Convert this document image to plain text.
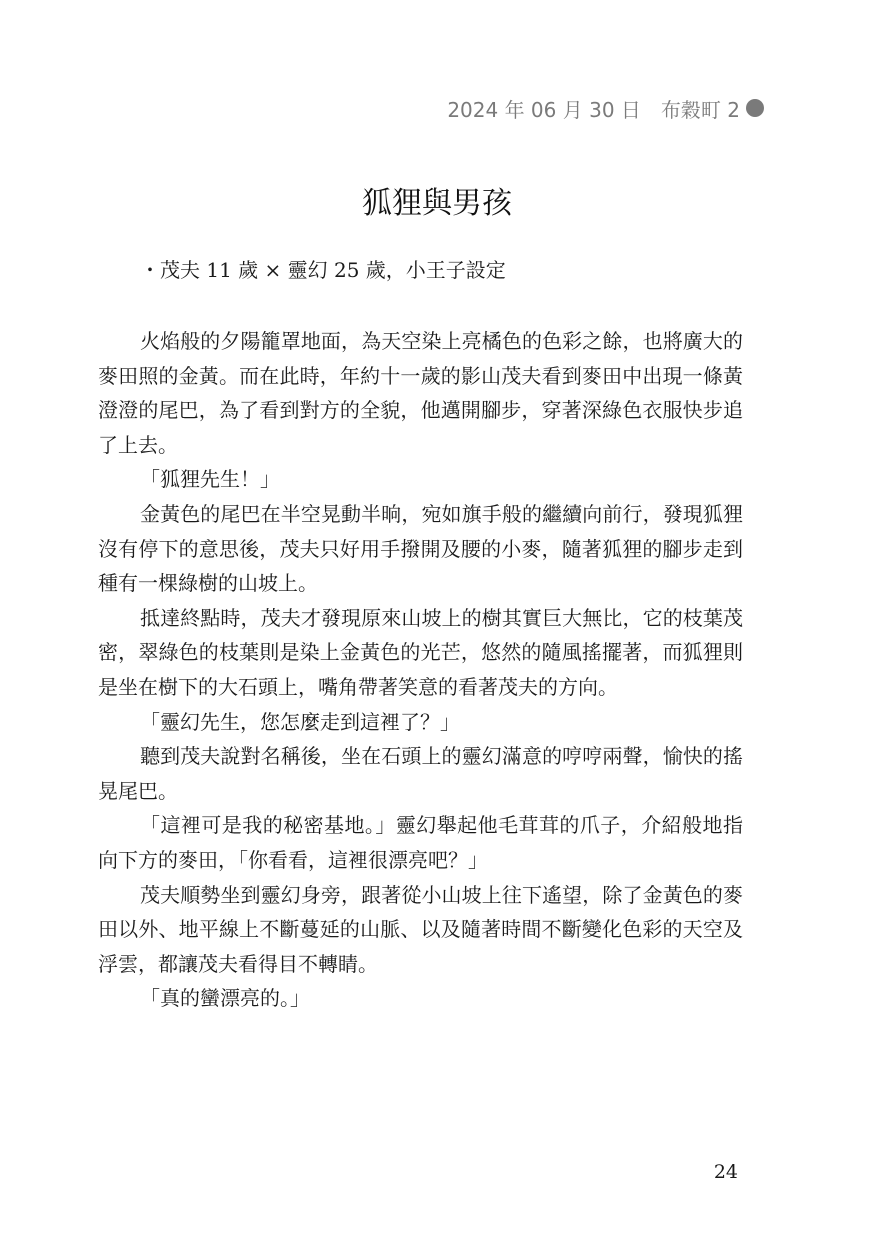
2024 年 06 月 30 日 布穀町 2
狐狸與男孩
・茂夫 11 歲 × 靈幻 25 歲，小王子設定

火焰般的夕陽籠罩地面，為天空染上亮橘色的色彩之餘，也將廣大的麥田照的金黃。而在此時，年約十一歲的影山茂夫看到麥田中出現一條黃澄澄的尾巴，為了看到對方的全貌，他邁開腳步，穿著深綠色衣服快步追了上去。

「狐狸先生！」

金黃色的尾巴在半空晃動半晌，宛如旗手般的繼續向前行，發現狐狸沒有停下的意思後，茂夫只好用手撥開及腰的小麥，隨著狐狸的腳步走到種有一棵綠樹的山坡上。

抵達終點時，茂夫才發現原來山坡上的樹其實巨大無比，它的枝葉茂密，翠綠色的枝葉則是染上金黃色的光芒，悠然的隨風搖擺著，而狐狸則是坐在樹下的大石頭上，嘴角帶著笑意的看著茂夫的方向。

「靈幻先生，您怎麼走到這裡了？」

聽到茂夫說對名稱後，坐在石頭上的靈幻滿意的哼哼兩聲，愉快的搖晃尾巴。

「這裡可是我的秘密基地。」靈幻舉起他毛茸茸的爪子，介紹般地指向下方的麥田，「你看看，這裡很漂亮吧？」

茂夫順勢坐到靈幻身旁，跟著從小山坡上往下遙望，除了金黃色的麥田以外、地平線上不斷蔓延的山脈、以及隨著時間不斷變化色彩的天空及浮雲，都讓茂夫看得目不轉睛。

「真的蠻漂亮的。」

24
